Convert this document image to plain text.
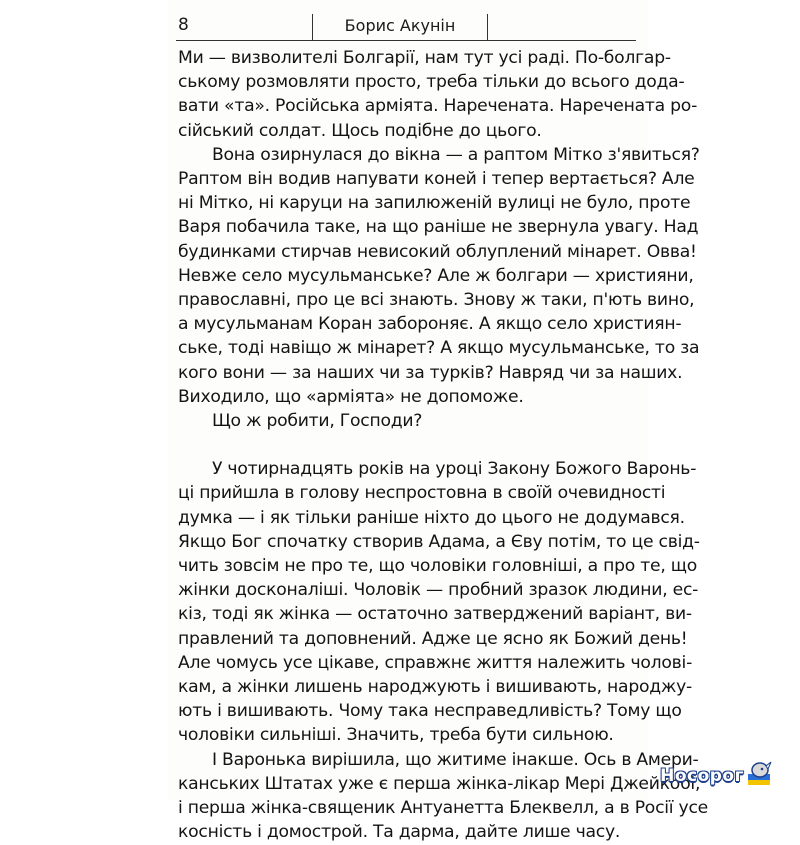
8	Борис Акунін
Ми — визволителі Болгарії, нам тут усі раді. По-болгар-
ському розмовляти просто, треба тільки до всього дода-
вати «та». Російська арміята. Нареченатa. Нареченатa ро-
сійський солдат. Щось подібне до цього.
Вона озирнулася до вікна — а раптом Мітко з'явиться?
Раптом він водив напувати коней і тепер вертається? Але
ні Мітко, ні каруци на запилюженій вулиці не було, проте
Варя побачила таке, на що раніше не звернула увагу. Над
будинками стирчав невисокий облуплений мінарет. Овва!
Невже село мусульманське? Але ж болгари — християни,
православні, про це всі знають. Знову ж таки, п'ють вино,
а мусульманам Коран забороняє. А якщо село християн-
ське, тоді навіщо ж мінарет? А якщо мусульманське, то за
кого вони — за наших чи за турків? Навряд чи за наших.
Виходило, що «арміята» не допоможе.
Що ж робити, Господи?
У чотирнадцять років на уроці Закону Божого Варонь-
ці прийшла в голову неспростовна в своїй очевидності
думка — і як тільки раніше ніхто до цього не додумався.
Якщо Бог спочатку створив Адама, а Єву потім, то це свід-
чить зовсім не про те, що чоловіки головніші, а про те, що
жінки досконаліші. Чоловік — пробний зразок людини, ес-
кіз, тоді як жінка — остаточно затверджений варіант, ви-
правлений та доповнений. Адже це ясно як Божий день!
Але чомусь усе цікаве, справжнє життя належить чолові-
кам, а жінки лишень народжують і вишивають, народжу-
ють і вишивають. Чому така несправедливість? Тому що
чоловіки сильніші. Значить, треба бути сильною.
І Варонька вирішила, що житиме інакше. Ось в Амери-
канських Штатах уже є перша жінка-лікар Мері Джейкобі,
і перша жінка-священик Антуанетта Блеквелл, а в Росії усе
косність і домострой. Та дарма, дайте лише часу.
Носорог
